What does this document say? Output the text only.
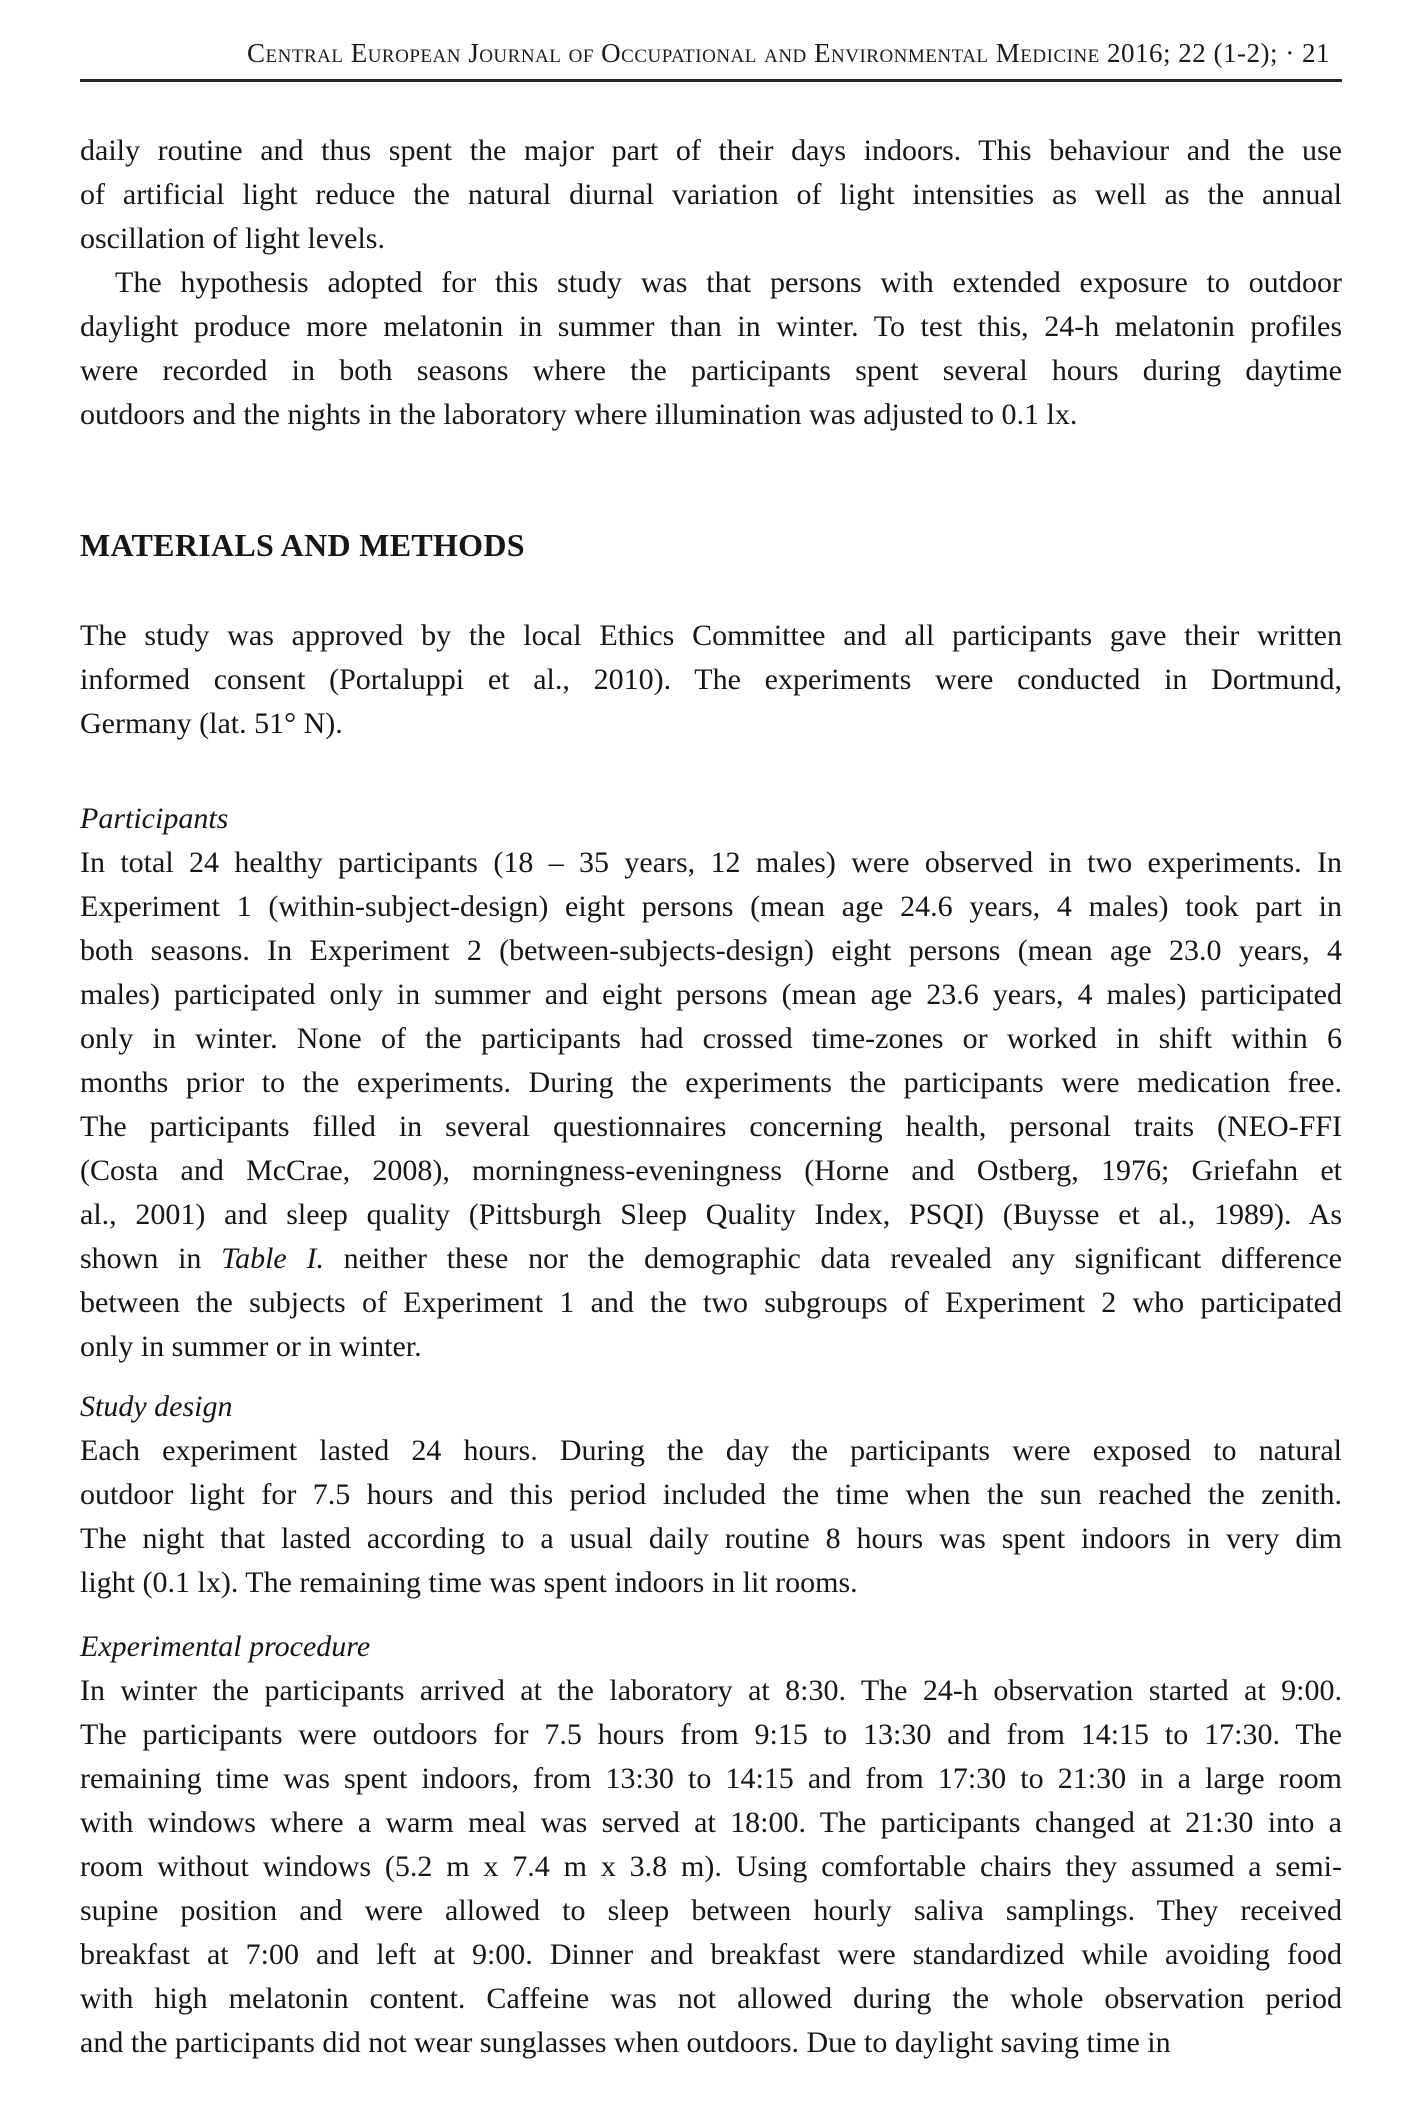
Central European Journal of Occupational and Environmental Medicine 2016; 22 (1-2); · 21
daily routine and thus spent the major part of their days indoors. This behaviour and the use
of artificial light reduce the natural diurnal variation of light intensities as well as the annual
oscillation of light levels.
The hypothesis adopted for this study was that persons with extended exposure to outdoor
daylight produce more melatonin in summer than in winter. To test this, 24-h melatonin profiles
were recorded in both seasons where the participants spent several hours during daytime
outdoors and the nights in the laboratory where illumination was adjusted to 0.1 lx.
MATERIALS AND METHODS
The study was approved by the local Ethics Committee and all participants gave their written
informed consent (Portaluppi et al., 2010). The experiments were conducted in Dortmund,
Germany (lat. 51° N).
Participants
In total 24 healthy participants (18 – 35 years, 12 males) were observed in two experiments. In
Experiment 1 (within-subject-design) eight persons (mean age 24.6 years, 4 males) took part in
both seasons. In Experiment 2 (between-subjects-design) eight persons (mean age 23.0 years, 4
males) participated only in summer and eight persons (mean age 23.6 years, 4 males) participated
only in winter. None of the participants had crossed time-zones or worked in shift within 6
months prior to the experiments. During the experiments the participants were medication free.
The participants filled in several questionnaires concerning health, personal traits (NEO-FFI
(Costa and McCrae, 2008), morningness-eveningness (Horne and Ostberg, 1976; Griefahn et
al., 2001) and sleep quality (Pittsburgh Sleep Quality Index, PSQI) (Buysse et al., 1989). As
shown in Table I. neither these nor the demographic data revealed any significant difference
between the subjects of Experiment 1 and the two subgroups of Experiment 2 who participated
only in summer or in winter.
Study design
Each experiment lasted 24 hours. During the day the participants were exposed to natural
outdoor light for 7.5 hours and this period included the time when the sun reached the zenith.
The night that lasted according to a usual daily routine 8 hours was spent indoors in very dim
light (0.1 lx). The remaining time was spent indoors in lit rooms.
Experimental procedure
In winter the participants arrived at the laboratory at 8:30. The 24-h observation started at 9:00.
The participants were outdoors for 7.5 hours from 9:15 to 13:30 and from 14:15 to 17:30. The
remaining time was spent indoors, from 13:30 to 14:15 and from 17:30 to 21:30 in a large room
with windows where a warm meal was served at 18:00. The participants changed at 21:30 into a
room without windows (5.2 m x 7.4 m x 3.8 m). Using comfortable chairs they assumed a semi-
supine position and were allowed to sleep between hourly saliva samplings. They received
breakfast at 7:00 and left at 9:00. Dinner and breakfast were standardized while avoiding food
with high melatonin content. Caffeine was not allowed during the whole observation period
and the participants did not wear sunglasses when outdoors. Due to daylight saving time in
